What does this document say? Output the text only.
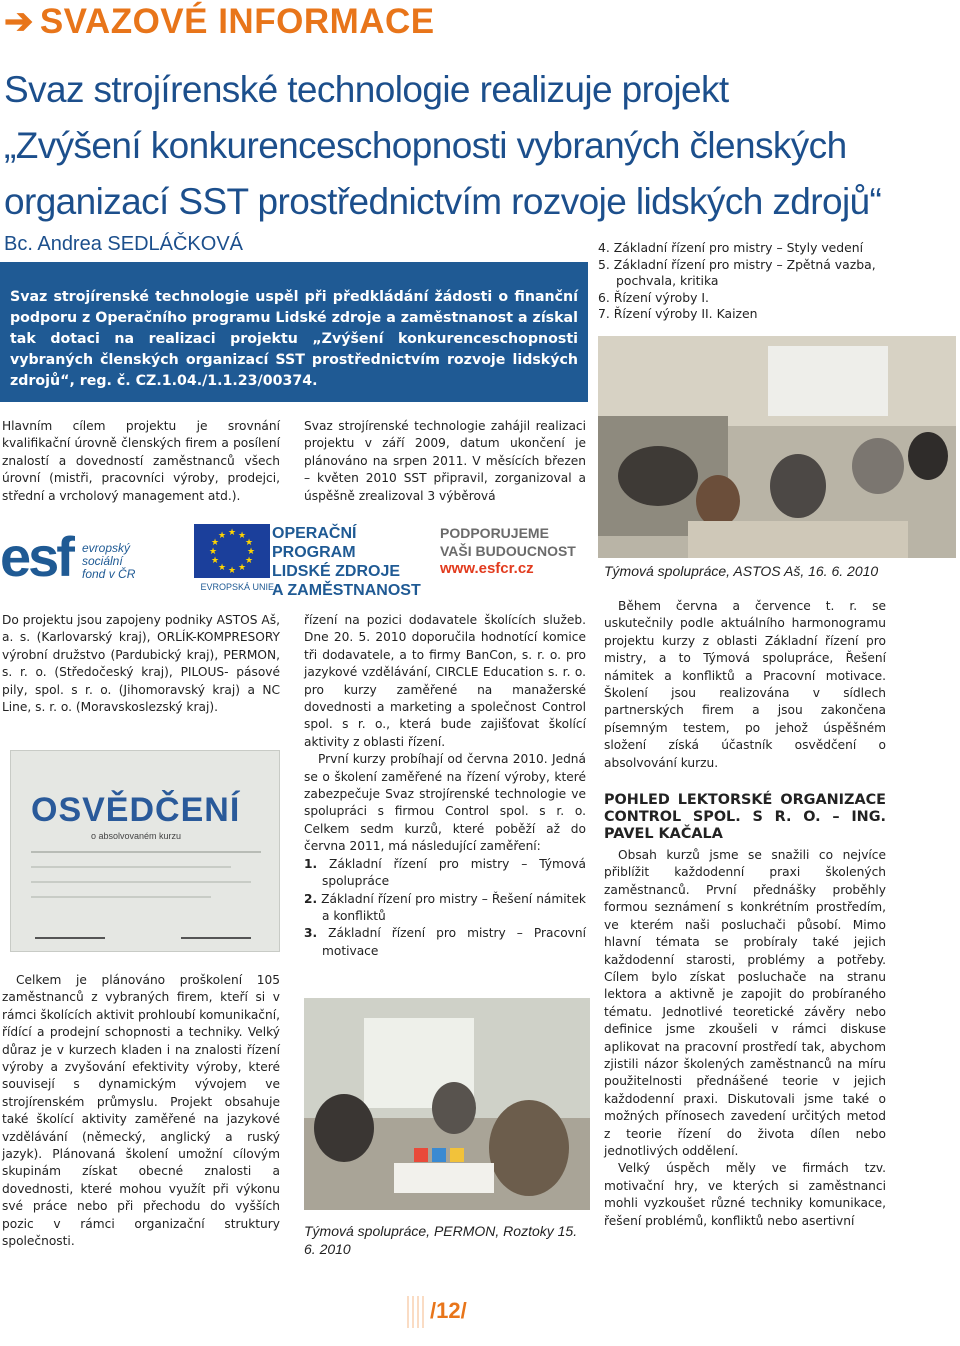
➔ SVAZOVÉ INFORMACE
Svaz strojírenské technologie realizuje projekt
„Zvýšení konkurenceschopnosti vybraných členských
organizací SST prostřednictvím rozvoje lidských zdrojů“
Bc. Andrea SEDLÁČKOVÁ
Svaz strojírenské technologie uspěl při předkládání žádosti o finanční podporu z Operačního programu Lidské zdroje a zaměstnanost a získal tak dotaci na realizaci projektu „Zvýšení konkurenceschopnosti vybraných členských organizací SST prostřednictvím rozvoje lidských zdrojů“, reg. č. CZ.1.04./1.1.23/00374.

Hlavním cílem projektu je srovnání kvalifikační úrovně členských firem a posílení znalostí a dovedností zaměstnanců všech úrovní (mistři, pracovníci výroby, prodejci, střední a vrcholový management atd.).

Svaz strojírenské technologie zahájil realizaci projektu v září 2009, datum ukončení je plánováno na srpen 2011. V měsících březen – květen 2010 SST připravil, zorganizoval a úspěšně zrealizoval 3 výběrová

4. Základní řízení pro mistry – Styly vedení
5. Základní řízení pro mistry – Zpětná vazba, pochvala, kritika
6. Řízení výroby I.
7. Řízení výroby II. Kaizen
Týmová spolupráce, ASTOS Aš, 16. 6. 2010
esf evropský
sociální
fond v ČR
★ ★
★
★
★
★
★
★
★
★
★
★
EVROPSKÁ UNIE
OPERAČNÍ PROGRAM
LIDSKÉ ZDROJE
A ZAMĚSTNANOST
PODPORUJEME
VAŠI BUDOUCNOST
www.esfcr.cz

Do projektu jsou zapojeny podniky ASTOS Aš, a. s. (Karlovarský kraj), ORLÍK-KOMPRESORY výrobní družstvo (Pardubický kraj), PERMON, s. r. o. (Středočeský kraj), PILOUS- pásové pily, spol. s r. o. (Jihomoravský kraj) a NC Line, s. r. o. (Moravskoslezský kraj).

OSVĚDČENÍ
o absolvovaném kurzu

Celkem je plánováno proškolení 105 zaměstnanců z vybraných firem, kteří si v rámci školících aktivit prohloubí komunikační, řídící a prodejní schopnosti a techniky. Velký důraz je v kurzech kladen i na znalosti řízení výroby a zvyšování efektivity výroby, které souvisejí s dynamickým vývojem ve strojírenském průmyslu. Projekt obsahuje také školící aktivity zaměřené na jazykové vzdělávání (německý, anglický a ruský jazyk). Plánovaná školení umožní cílovým skupinám získat obecné znalosti a dovednosti, které mohou využít při výkonu své práce nebo při přechodu do vyšších pozic v rámci organizační struktury společnosti.

řízení na pozici dodavatele školících služeb. Dne 20. 5. 2010 doporučila hodnotící komice tři dodavatele, a to firmy BanCon, s. r. o. pro jazykové vzdělávání, CIRCLE Education s. r. o. pro kurzy zaměřené na manažerské dovednosti a marketing a společnost Control spol. s r. o., která bude zajišťovat školící aktivity z oblasti řízení.

První kurzy probíhají od června 2010. Jedná se o školení zaměřené na řízení výroby, které zabezpečuje Svaz strojírenské technologie ve spolupráci s firmou Control spol. s r. o. Celkem sedm kurzů, které poběží až do června 2011, má následující zaměření:

1. Základní řízení pro mistry – Týmová spolupráce
2. Základní řízení pro mistry – Řešení námitek a konfliktů
3. Základní řízení pro mistry – Pracovní motivace
Týmová spolupráce, PERMON, Roztoky 15. 6. 2010

Během června a července t. r. se uskutečnily podle aktuálního harmonogramu projektu kurzy z oblasti Základní řízení pro mistry, a to Týmová spolupráce, Řešení námitek a konfliktů a Pracovní motivace. Školení jsou realizována v sídlech partnerských firem a jsou zakončena písemným testem, po jehož úspěšném složení získá účastník osvědčení o absolvování kurzu.

POHLED LEKTORSKÉ ORGANIZACE CONTROL SPOL. S R. O. – ING. PAVEL KAČALA

Obsah kurzů jsme se snažili co nejvíce přiblížit každodenní praxi školených zaměstnanců. První přednášky proběhly formou seznámení s konkrétním prostředím, ve kterém naši posluchači působí. Mimo hlavní témata se probíraly také jejich každodenní starosti, problémy a potřeby. Cílem bylo získat posluchače na stranu lektora a aktivně je zapojit do probíraného tématu. Jednotlivé teoretické závěry nebo definice jsme zkoušeli v rámci diskuse aplikovat na pracovní prostředí tak, abychom zjistili názor školených zaměstnanců na míru použitelnosti přednášené teorie v jejich každodenní praxi. Diskutovali jsme také o možných přínosech zavedení určitých metod z teorie řízení do života dílen nebo jednotlivých oddělení.

Velký úspěch měly ve firmách tzv. motivační hry, ve kterých si zaměstnanci mohli vyzkoušet různé techniky komunikace, řešení problémů, konfliktů nebo asertivní

/12/
